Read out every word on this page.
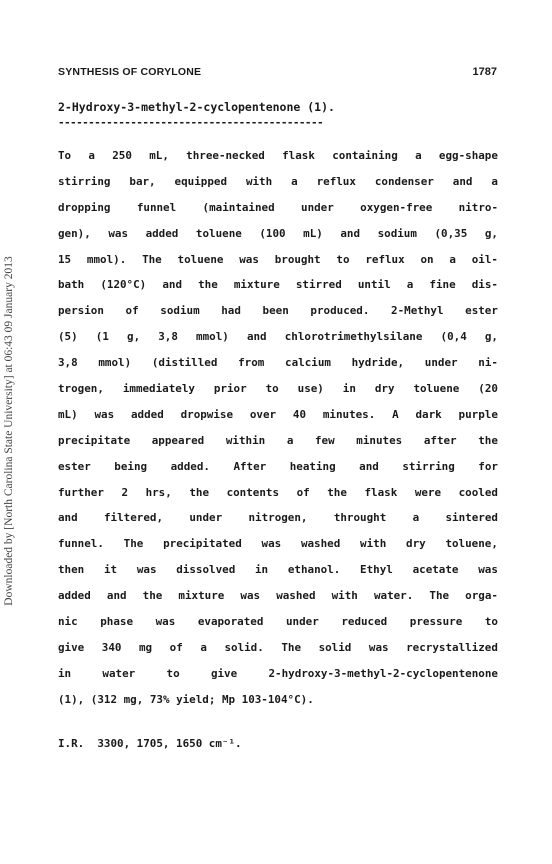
SYNTHESIS OF CORYLONE	1787
Downloaded by [North Carolina State University] at 06:43 09 January 2013
2-Hydroxy-3-methyl-2-cyclopentenone (1).
--------------------------------------------
To a 250 mL, three-necked flask containing a egg-shape
stirring bar, equipped with a reflux condenser and a
dropping funnel (maintained under oxygen-free nitro-
gen), was added toluene (100 mL) and sodium (0,35 g,
15 mmol). The toluene was brought to reflux on a oil-
bath (120°C) and the mixture stirred until a fine dis-
persion of sodium had been produced. 2-Methyl ester
(5) (1 g, 3,8 mmol) and chlorotrimethylsilane (0,4 g,
3,8 mmol) (distilled from calcium hydride, under ni-
trogen, immediately prior to use) in dry toluene (20
mL) was added dropwise over 40 minutes. A dark purple
precipitate appeared within a few minutes after the
ester being added. After heating and stirring for
further 2 hrs, the contents of the flask were cooled
and filtered, under nitrogen, throught a sintered
funnel. The precipitated was washed with dry toluene,
then it was dissolved in ethanol. Ethyl acetate was
added and the mixture was washed with water. The orga-
nic phase was evaporated under reduced pressure to
give 340 mg of a solid. The solid was recrystallized
in	water	to	give	2-hydroxy-3-methyl-2-cyclopentenone
(1), (312 mg, 73% yield; Mp 103-104°C).
I.R.  3300, 1705, 1650 cm⁻¹.
